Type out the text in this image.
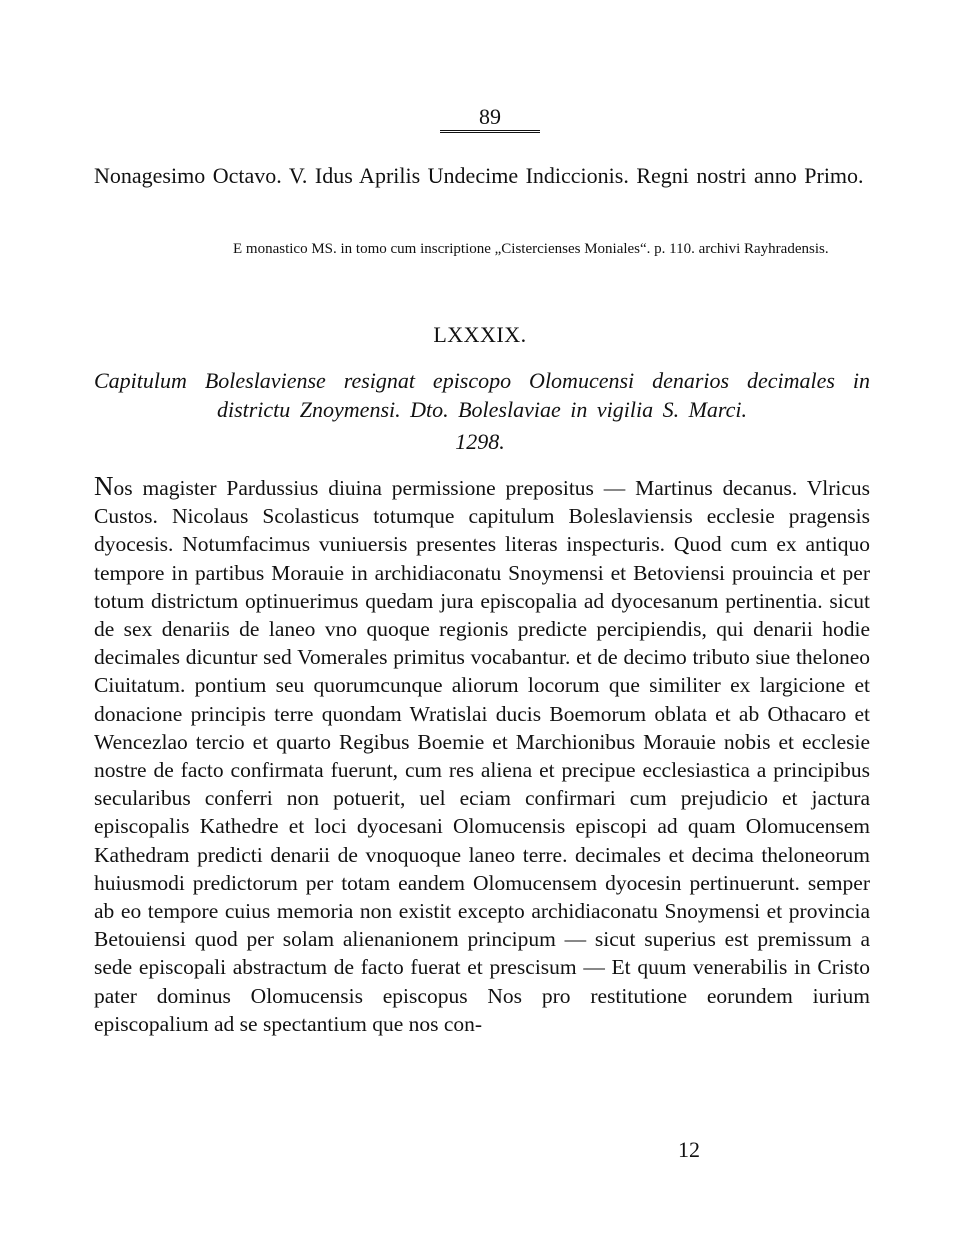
89
Nonagesimo Octavo. V. Idus Aprilis Undecime Indiccionis. Regni nostri anno Primo.
E monastico MS. in tomo cum inscriptione „Cistercienses Moniales“. p. 110. archivi Rayhradensis.
LXXXIX.
Capitulum Boleslaviense resignat episcopo Olomucensi denarios decimales in districtu Znoymensi. Dto. Boleslaviae in vigilia S. Marci.
1298.
Nos magister Pardussius diuina permissione prepositus — Martinus decanus. Vlricus Custos. Nicolaus Scolasticus totumque capitulum Boleslaviensis ecclesie pragensis dyocesis. Notumfacimus vuniuersis presentes literas inspecturis. Quod cum ex antiquo tempore in partibus Morauie in archidiaconatu Snoymensi et Betoviensi prouincia et per totum districtum optinuerimus quedam jura episcopalia ad dyocesanum pertinentia. sicut de sex denariis de laneo vno quoque regionis predicte percipiendis, qui denarii hodie decimales dicuntur sed Vomerales primitus vocabantur. et de decimo tributo siue theloneo Ciuitatum. pontium seu quorumcunque aliorum locorum que similiter ex largicione et donacione principis terre quondam Wratislai ducis Boemorum oblata et ab Othacaro et Wencezlao tercio et quarto Regibus Boemie et Marchionibus Morauie nobis et ecclesie nostre de facto confirmata fuerunt, cum res aliena et precipue ecclesiastica a principibus secularibus conferri non potuerit, uel eciam confirmari cum prejudicio et jactura episcopalis Kathedre et loci dyocesani Olomucensis episcopi ad quam Olomucensem Kathedram predicti denarii de vnoquoque laneo terre. decimales et decima theloneorum huiusmodi predictorum per totam eandem Olomucensem dyocesin pertinuerunt. semper ab eo tempore cuius memoria non existit excepto archidiaconatu Snoymensi et provincia Betouiensi quod per solam alienanionem principum — sicut superius est premissum a sede episcopali abstractum de facto fuerat et prescisum — Et quum venerabilis in Cristo pater dominus Olomucensis episcopus Nos pro restitutione eorundem iurium episcopalium ad se spectantium que nos con-
12
